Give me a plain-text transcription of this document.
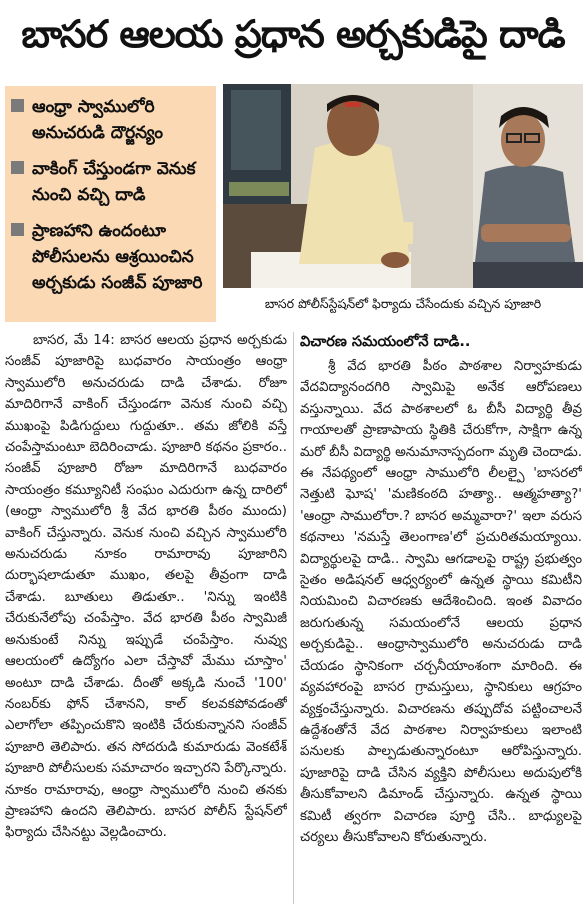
బాసర ఆలయ ప్రధాన అర్చకుడిపై దాడి
ఆంధ్రా స్వాములోరి అనుచరుడి దౌర్జన్యం
వాకింగ్ చేస్తుండగా వెనుక నుంచి వచ్చి దాడి
ప్రాణహాని ఉందంటూ పోలీసులను ఆశ్రయించిన అర్చకుడు సంజీవ్ పూజారి
బాసర పోలీస్‌స్టేషన్‌లో ఫిర్యాదు చేసేందుకు వచ్చిన పూజారి

బాసర, మే 14: బాసర ఆలయ ప్రధాన అర్చకుడు సంజీవ్ పూజారిపై బుధవారం సాయంత్రం ఆంధ్రా స్వాములోరి అనుచరుడు దాడి చేశాడు. రోజూ మాదిరిగానే వాకింగ్ చేస్తుండగా వెనుక నుంచి వచ్చి ముఖంపై పిడిగుద్దులు గుద్దుతూ.. తమ జోలికి వస్తే చంపేస్తామంటూ బెదిరించాడు. పూజారి కథనం ప్రకారం.. సంజీవ్ పూజారి రోజూ మాదిరిగానే బుధవారం సాయంత్రం కమ్యూనిటీ సంఘం ఎదురుగా ఉన్న దారిలో (ఆంధ్రా స్వాములోరి శ్రీ వేద భారతి పీఠం ముందు) వాకింగ్ చేస్తున్నారు. వెనుక నుంచి వచ్చిన స్వాములోరి అనుచరుడు నూకం రామారావు పూజారిని దుర్భాషలాడుతూ ముఖం, తలపై తీవ్రంగా దాడి చేశాడు. బూతులు తిడుతూ.. 'నిన్ను ఇంటికి చేరుకునేలోపు చంపేస్తాం. వేద భారతి పీఠం స్వామిజీ అనుకుంటే నిన్ను ఇప్పుడే చంపేస్తాం. నువ్వు ఆలయంలో ఉద్యోగం ఎలా చేస్తావో మేము చూస్తాం' అంటూ దాడి చేశాడు. దీంతో అక్కడి నుంచే '100' నంబర్‌కు ఫోన్ చేశానని, కాల్ కలవకపోవడంతో ఎలాగోలా తప్పించుకొని ఇంటికి చేరుకున్నానని సంజీవ్ పూజారి తెలిపారు. తన సోదరుడి కుమారుడు వెంకటేశ్ పూజారి పోలీసులకు సమాచారం ఇచ్చారని పేర్కొన్నారు. నూకం రామారావు, ఆంధ్రా స్వాములోరి నుంచి తనకు ప్రాణహాని ఉందని తెలిపారు. బాసర పోలీస్‌ స్టేషన్‌లో ఫిర్యాదు చేసినట్టు వెల్లడించారు.

విచారణ సమయంలోనే దాడి..

శ్రీ వేద భారతి పీఠం పాఠశాల నిర్వాహకుడు వేదవిద్యానందగిరి స్వామిపై అనేక ఆరోపణలు వస్తున్నాయి. వేద పాఠశాలలో ఓ బీసీ విద్యార్థి తీవ్ర గాయాలతో ప్రాణాపాయ స్థితికి చేరుకోగా, సాక్షిగా ఉన్న మరో బీసీ విద్యార్థి అనుమానాస్పదంగా మృతి చెందాడు. ఈ నేపథ్యంలో ఆంధ్రా సాములోరి లీలల్పై 'బాసరలో నెత్తుటి ఘోష' 'మణికంఠది హత్యా.. ఆత్మహత్యా?' 'ఆంధ్రా సాములోరా.? బాసర అమ్మవారా?' ఇలా వరుస కథనాలు 'నమస్తే తెలంగాణ'లో ప్రచురితమయ్యాయి. విద్యార్థులపై దాడి.. స్వామి ఆగడాలపై రాష్ట్ర ప్రభుత్వం సైతం అడిషనల్ ఆధ్వర్యంలో ఉన్నత స్థాయి కమిటీని నియమించి విచారణకు ఆదేశించింది. ఇంత వివాదం జరుగుతున్న సమయంలోనే ఆలయ ప్రధాన అర్చకుడిపై.. ఆంధ్రాస్వాములోరి అనుచరుడు దాడి చేయడం స్థానికంగా చర్చనీయాంశంగా మారింది. ఈ వ్యవహారంపై బాసర గ్రామస్తులు, స్థానికులు ఆగ్రహం వ్యక్తంచేస్తున్నారు. విచారణను తప్పుదోవ పట్టించాలనే ఉద్దేశంతోనే వేద పాఠశాల నిర్వాహకులు ఇలాంటి పనులకు పాల్పడుతున్నారంటూ ఆరోపిస్తున్నారు. పూజారిపై దాడి చేసిన వ్యక్తిని పోలీసులు అదుపులోకి తీసుకోవాలని డిమాండ్ చేస్తున్నారు. ఉన్నత స్థాయి కమిటీ త్వరగా విచారణ పూర్తి చేసి.. బాధ్యులపై చర్యలు తీసుకోవాలని కోరుతున్నారు.
